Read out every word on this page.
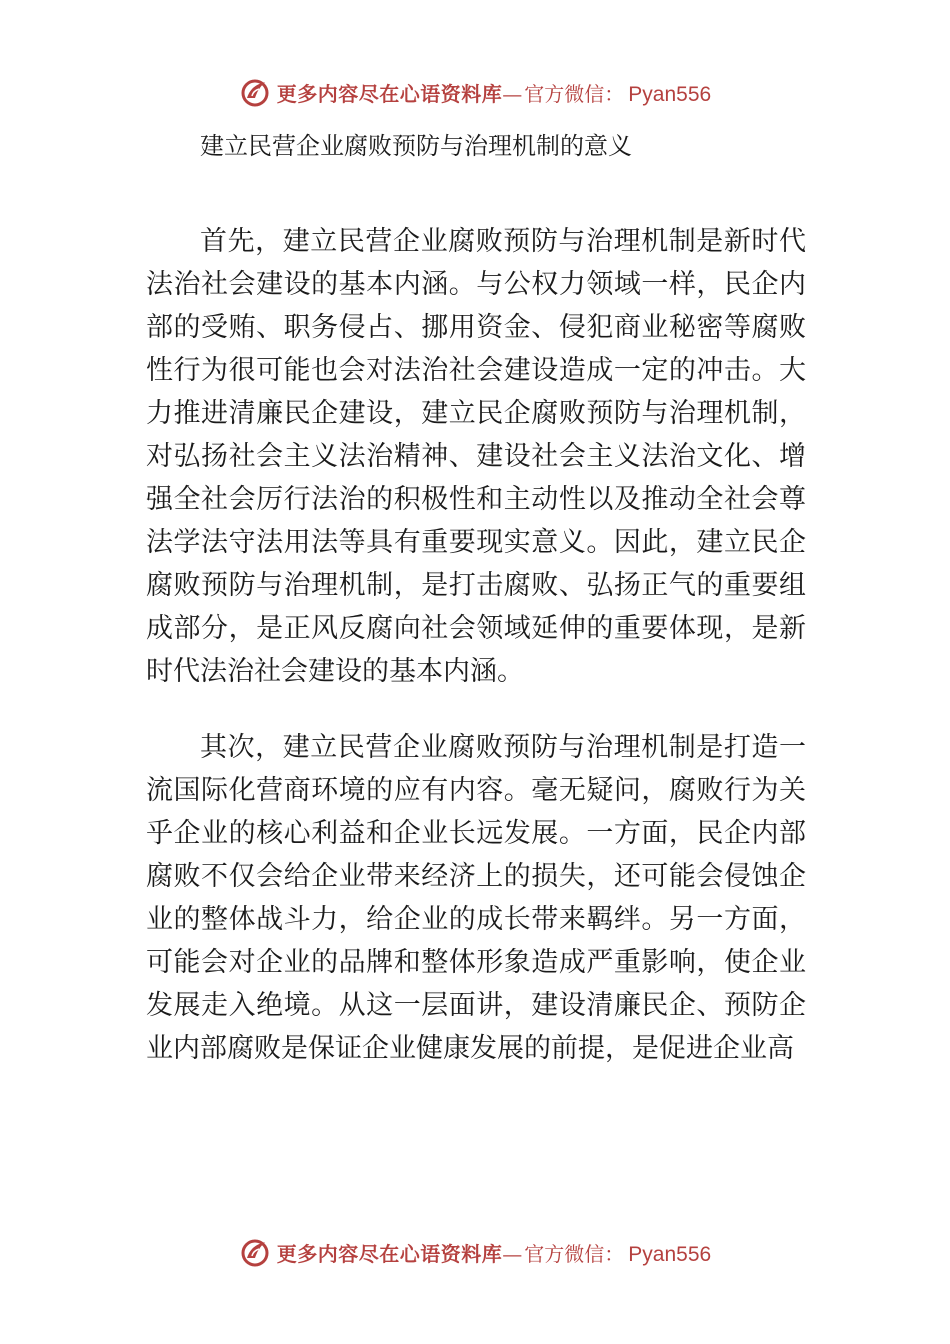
更多内容尽在心语资料库 — 官方微信： Pyan556
建立民营企业腐败预防与治理机制的意义

首先，建立民营企业腐败预防与治理机制是新时代法治社会建设的基本内涵。与公权力领域一样，民企内部的受贿、职务侵占、挪用资金、侵犯商业秘密等腐败性行为很可能也会对法治社会建设造成一定的冲击。大力推进清廉民企建设，建立民企腐败预防与治理机制，对弘扬社会主义法治精神、建设社会主义法治文化、增强全社会厉行法治的积极性和主动性以及推动全社会尊法学法守法用法等具有重要现实意义。因此，建立民企腐败预防与治理机制，是打击腐败、弘扬正气的重要组成部分，是正风反腐向社会领域延伸的重要体现，是新时代法治社会建设的基本内涵。

其次，建立民营企业腐败预防与治理机制是打造一流国际化营商环境的应有内容。毫无疑问，腐败行为关乎企业的核心利益和企业长远发展。一方面，民企内部腐败不仅会给企业带来经济上的损失，还可能会侵蚀企业的整体战斗力，给企业的成长带来羁绊。另一方面，可能会对企业的品牌和整体形象造成严重影响，使企业发展走入绝境。从这一层面讲，建设清廉民企、预防企业内部腐败是保证企业健康发展的前提，是促进企业高

更多内容尽在心语资料库 — 官方微信： Pyan556
